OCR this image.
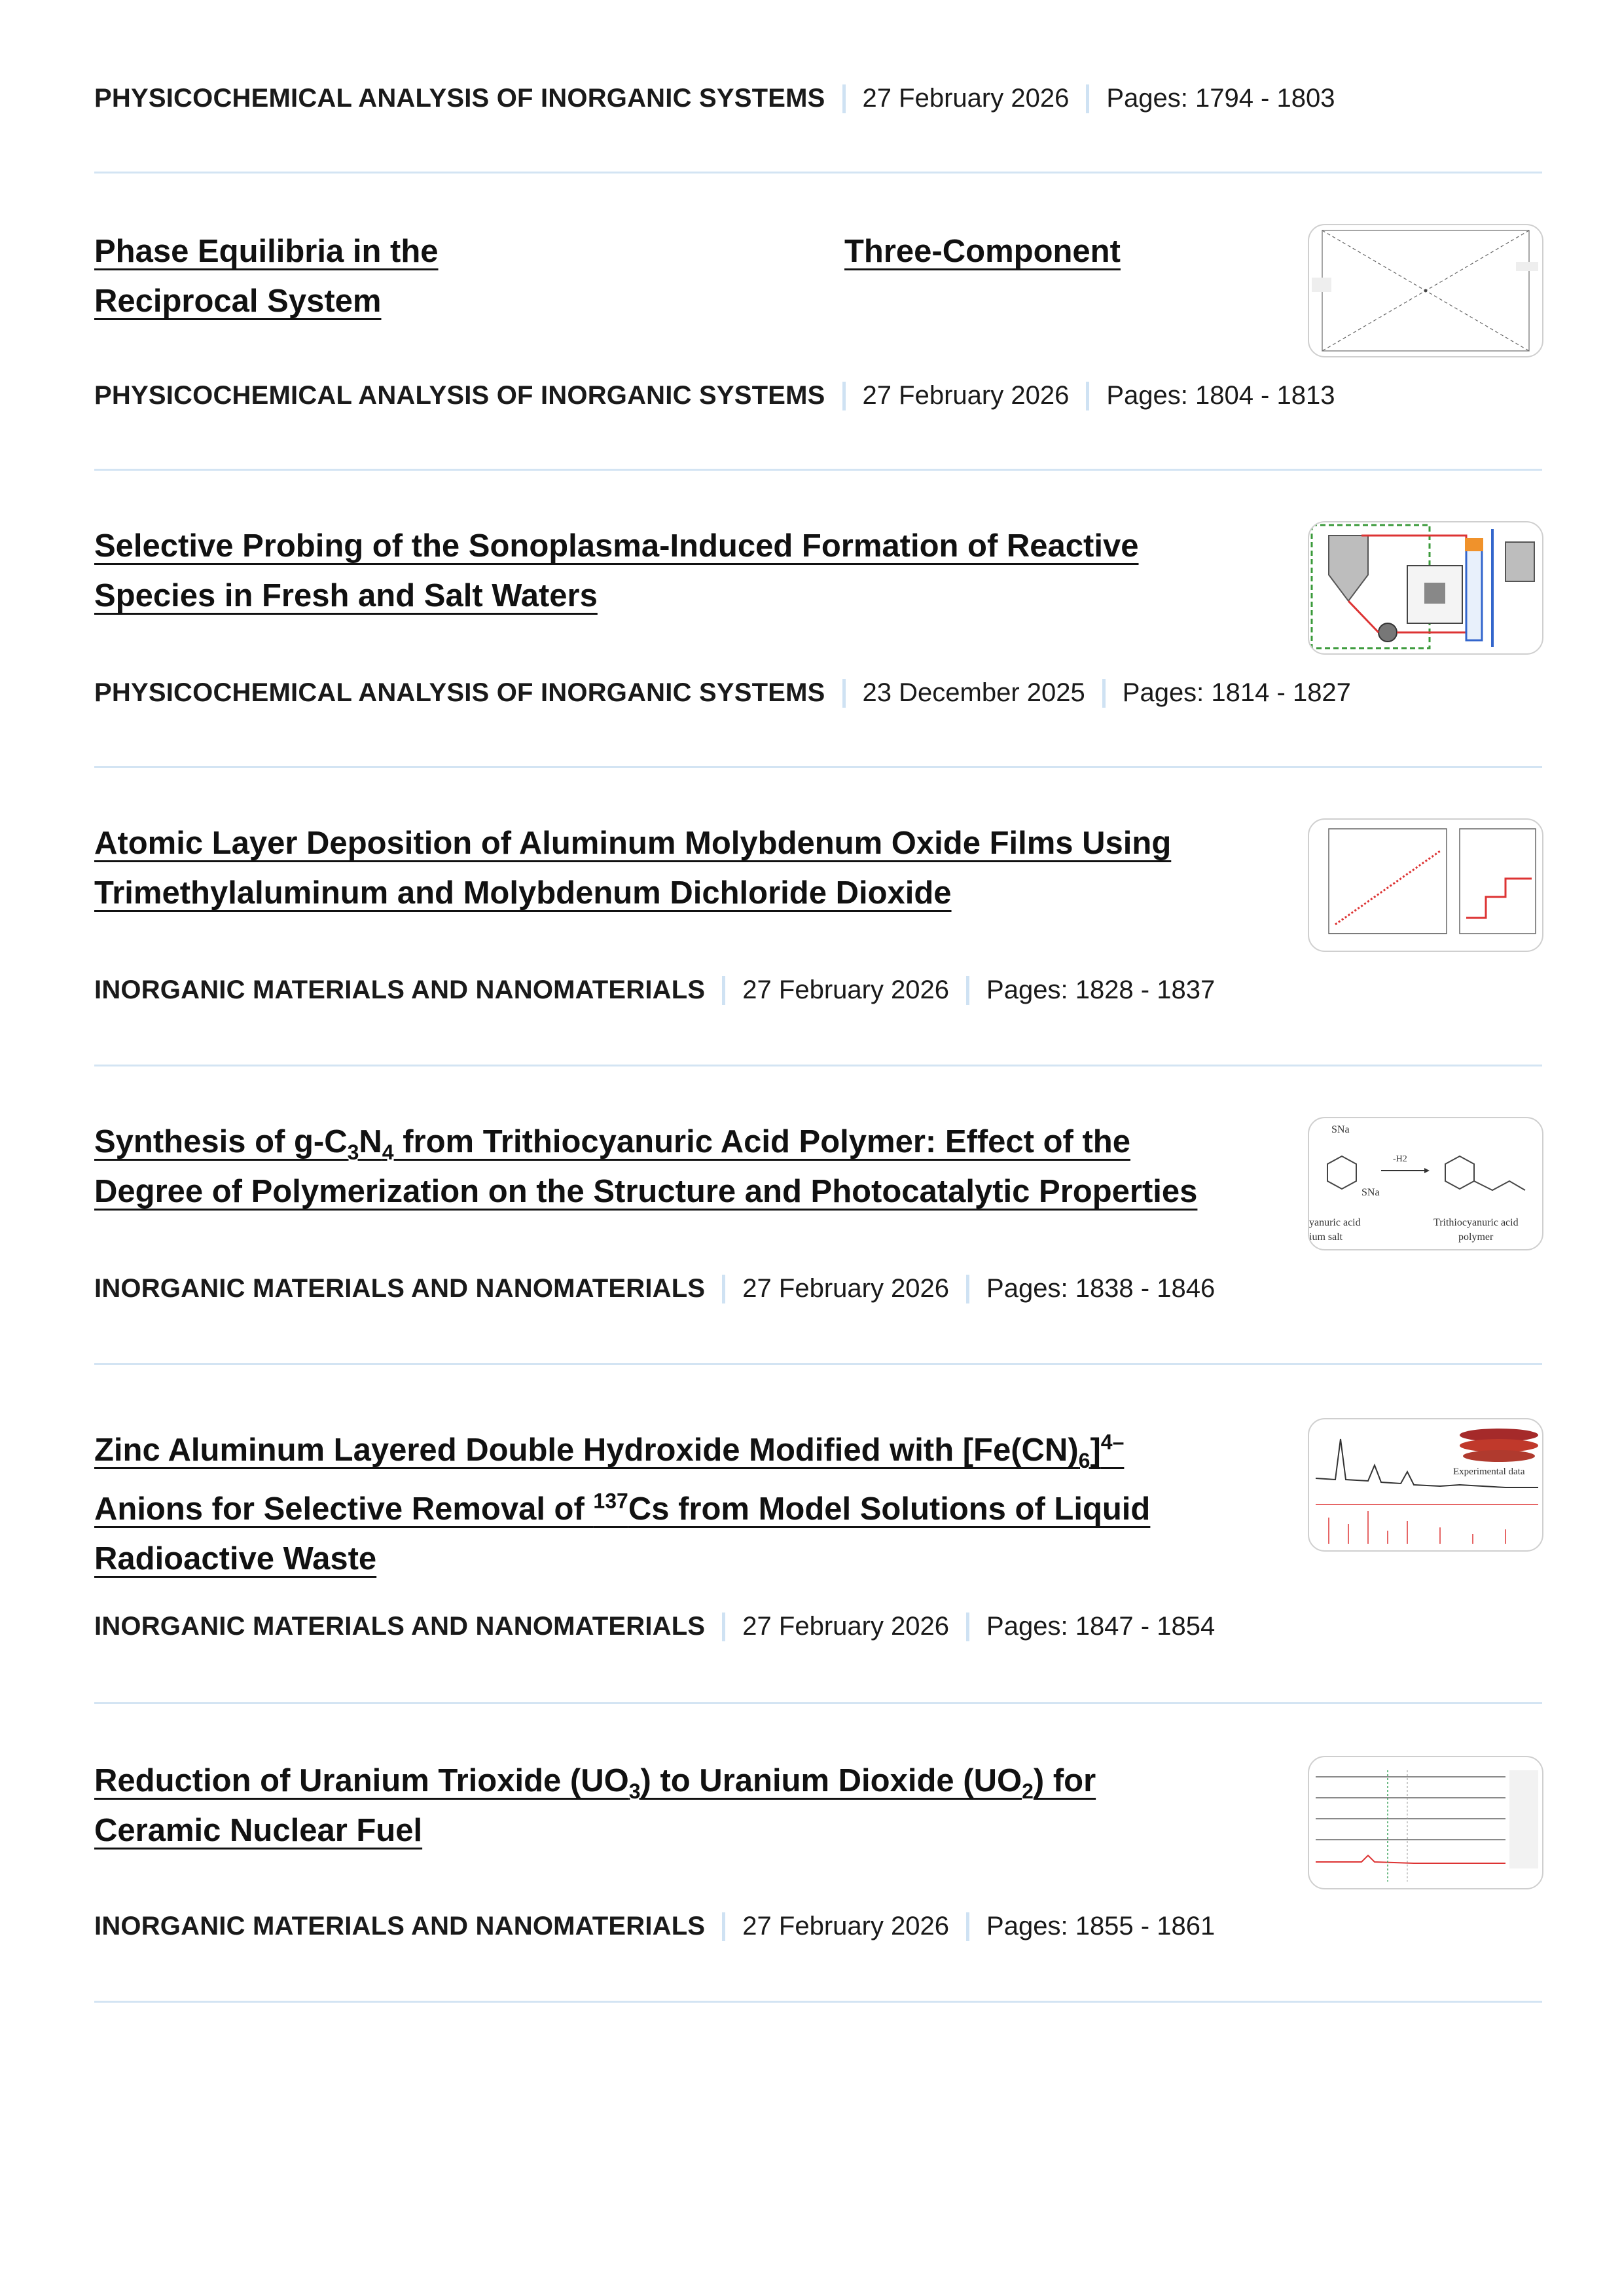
PHYSICOCHEMICAL ANALYSIS OF INORGANIC SYSTEMS 27 February 2026 Pages: 1794 - 1803
Phase Equilibria in the	Three-Component
Reciprocal System
PHYSICOCHEMICAL ANALYSIS OF INORGANIC SYSTEMS 27 February 2026 Pages: 1804 - 1813
Selective Probing of the Sonoplasma-Induced Formation of Reactive
Species in Fresh and Salt Waters
PHYSICOCHEMICAL ANALYSIS OF INORGANIC SYSTEMS 23 December 2025 Pages: 1814 - 1827
Atomic Layer Deposition of Aluminum Molybdenum Oxide Films Using
Trimethylaluminum and Molybdenum Dichloride Dioxide
INORGANIC MATERIALS AND NANOMATERIALS 27 February 2026 Pages: 1828 - 1837
Synthesis of $g-C_3N_4$ from Trithiocyanuric Acid Polymer: Effect of the
Degree of Polymerization on the Structure and Photocatalytic Properties
SNa
SNa
-H2
yanuric acid
ium salt
Trithiocyanuric acid
polymer
INORGANIC MATERIALS AND NANOMATERIALS 27 February 2026 Pages: 1838 - 1846
Zinc Aluminum Layered Double Hydroxide Modified with $[Fe(CN)_6]^{4-}$
Anions for Selective Removal of $^{137}$Cs from Model Solutions of Liquid
Radioactive Waste
Experimental data
INORGANIC MATERIALS AND NANOMATERIALS 27 February 2026 Pages: 1847 - 1854
Reduction of Uranium Trioxide $(UO_3)$ to Uranium Dioxide $(UO_2)$ for
Ceramic Nuclear Fuel
INORGANIC MATERIALS AND NANOMATERIALS 27 February 2026 Pages: 1855 - 1861
